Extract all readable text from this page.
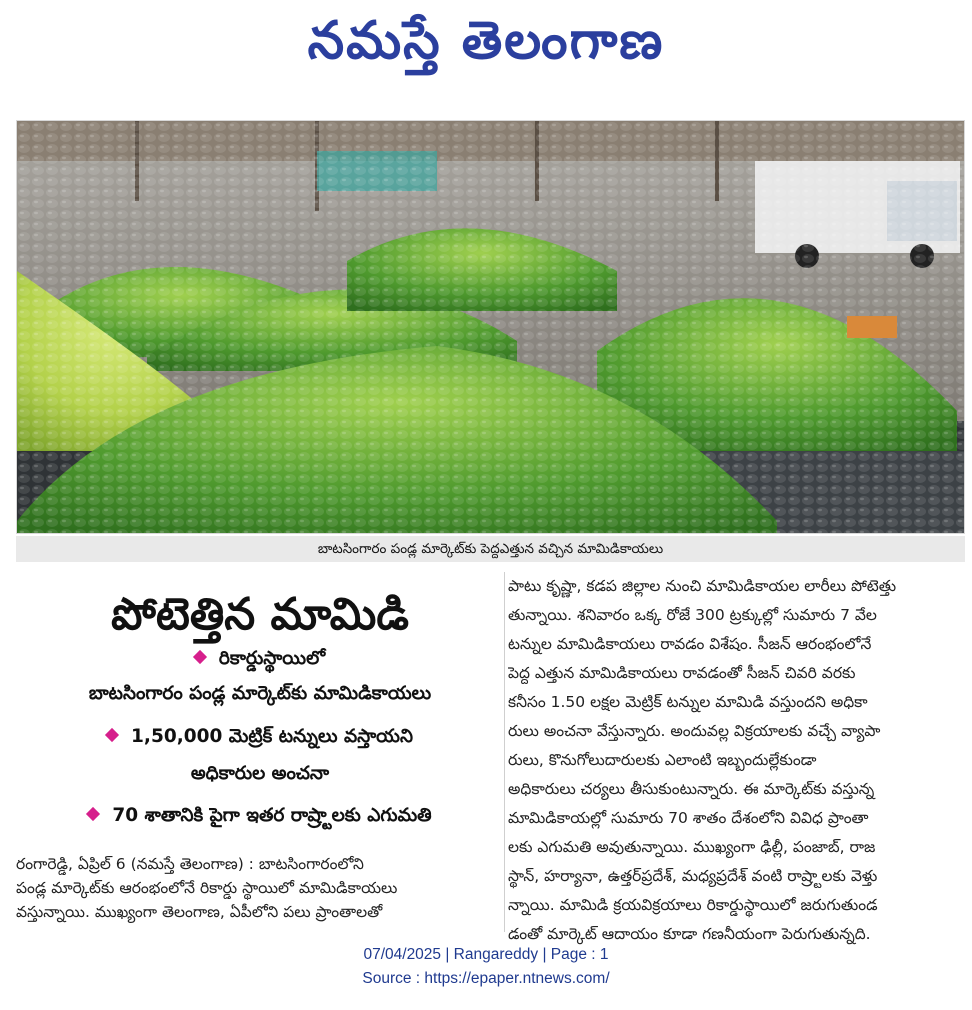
నమస్తే తెలంగాణ
బాటసింగారం పండ్ల మార్కెట్‌కు పెద్దఎత్తున వచ్చిన మామిడికాయలు
పోటెత్తిన మామిడి
రికార్డుస్థాయిలో
బాటసింగారం పండ్ల మార్కెట్‌కు మామిడికాయలు
1,50,000 మెట్రిక్‌ టన్నులు వస్తాయని
అధికారుల అంచనా
70 శాతానికి పైగా ఇతర రాష్ర్టాలకు ఎగుమతి
రంగారెడ్డి, ఏప్రిల్‌ 6 (నమస్తే తెలంగాణ) : బాటసింగారంలోని
పండ్ల మార్కెట్‌కు ఆరంభంలోనే రికార్డు స్థాయిలో మామిడికాయలు
వస్తున్నాయి. ముఖ్యంగా తెలంగాణ, ఏపీలోని పలు ప్రాంతాలతో
పాటు కృష్ణా, కడప జిల్లాల నుంచి మామిడికాయల లారీలు పోటెత్తు
తున్నాయి. శనివారం ఒక్క రోజే 300 ట్రక్కుల్లో సుమారు 7 వేల
టన్నుల మామిడికాయలు రావడం విశేషం. సీజన్‌ ఆరంభంలోనే
పెద్ద ఎత్తున మామిడికాయలు రావడంతో సీజన్‌ చివరి వరకు
కనీసం 1.50 లక్షల మెట్రిక్‌ టన్నుల మామిడి వస్తుందని అధికా
రులు అంచనా వేస్తున్నారు. అందువల్ల విక్రయాలకు వచ్చే వ్యాపా
రులు, కొనుగోలుదారులకు ఎలాంటి ఇబ్బందుల్లేకుండా
అధికారులు చర్యలు తీసుకుంటున్నారు. ఈ మార్కెట్‌కు వస్తున్న
మామిడికాయల్లో సుమారు 70 శాతం దేశంలోని వివిధ ప్రాంతా
లకు ఎగుమతి అవుతున్నాయి. ముఖ్యంగా ఢిల్లీ, పంజాబ్‌, రాజ
స్థాన్‌, హర్యానా, ఉత్తర్‌ప్రదేశ్‌, మధ్యప్రదేశ్‌ వంటి రాష్ర్టాలకు వెళ్తు
న్నాయి. మామిడి క్రయవిక్రయాలు రికార్డుస్థాయిలో జరుగుతుండ
డంతో మార్కెట్‌ ఆదాయం కూడా గణనీయంగా పెరుగుతున్నది.
07/04/2025 | Rangareddy | Page : 1
Source : https://epaper.ntnews.com/
